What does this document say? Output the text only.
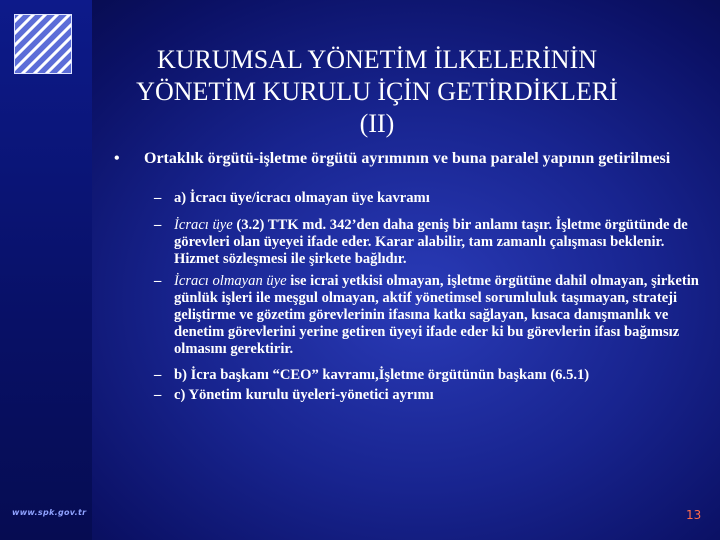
www.spk.gov.tr
KURUMSAL YÖNETİM İLKELERİNİN
YÖNETİM KURULU İÇİN GETİRDİKLERİ
(II)
• Ortaklık örgütü-işletme örgütü ayrımının ve buna paralel yapının getirilmesi
– a) İcracı üye/icracı olmayan üye kavramı
– İcracı üye (3.2) TTK md. 342’den daha geniş bir anlamı taşır. İşletme örgütünde de görevleri olan üyeyei ifade eder. Karar alabilir, tam zamanlı çalışması beklenir. Hizmet sözleşmesi ile şirkete bağlıdır.
– İcracı olmayan üye ise icrai yetkisi olmayan, işletme örgütüne dahil olmayan, şirketin günlük işleri ile meşgul olmayan, aktif yönetimsel sorumluluk taşımayan, strateji geliştirme ve gözetim görevlerinin ifasına katkı sağlayan, kısaca danışmanlık ve denetim görevlerini yerine getiren üyeyi ifade eder ki bu görevlerin ifası bağımsız olmasını gerektirir.
– b) İcra başkanı “CEO” kavramı,İşletme örgütünün başkanı (6.5.1)
– c) Yönetim kurulu üyeleri-yönetici ayrımı
13
